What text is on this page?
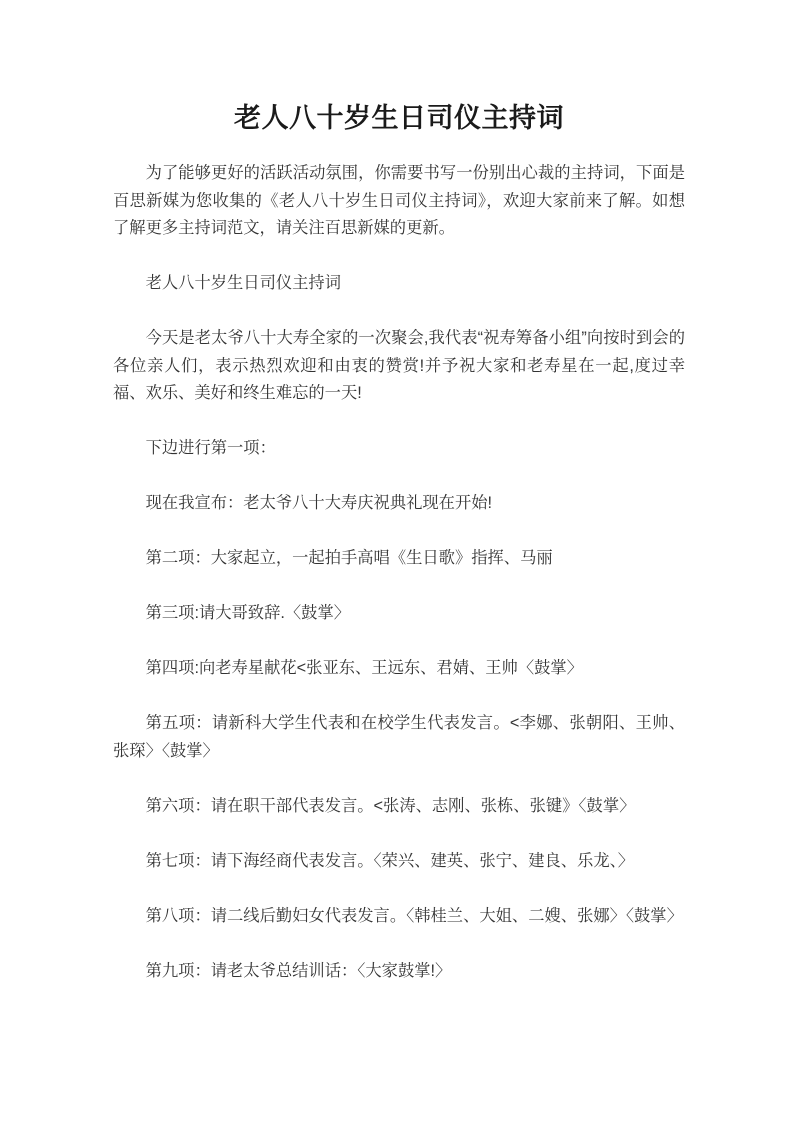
老人八十岁生日司仪主持词

为了能够更好的活跃活动氛围，你需要书写一份别出心裁的主持词，下面是百思新媒为您收集的《老人八十岁生日司仪主持词》，欢迎大家前来了解。如想了解更多主持词范文，请关注百思新媒的更新。

老人八十岁生日司仪主持词

今天是老太爷八十大寿全家的一次聚会,我代表“祝寿筹备小组”向按时到会的各位亲人们，表示热烈欢迎和由衷的赞赏!并予祝大家和老寿星在一起,度过幸福、欢乐、美好和终生难忘的一天!

下边进行第一项：

现在我宣布：老太爷八十大寿庆祝典礼现在开始!

第二项：大家起立，一起拍手高唱《生日歌》指挥、马丽

第三项:请大哥致辞.〈鼓掌〉

第四项:向老寿星献花<张亚东、王远东、君婧、王帅〈鼓掌〉

第五项：请新科大学生代表和在校学生代表发言。<李娜、张朝阳、王帅、张琛〉〈鼓掌〉

第六项：请在职干部代表发言。<张涛、志刚、张栋、张键》〈鼓掌〉

第七项：请下海经商代表发言。〈荣兴、建英、张宁、建良、乐龙、〉

第八项：请二线后勤妇女代表发言。〈韩桂兰、大姐、二嫂、张娜〉〈鼓掌〉

第九项：请老太爷总结训话：〈大家鼓掌!〉
